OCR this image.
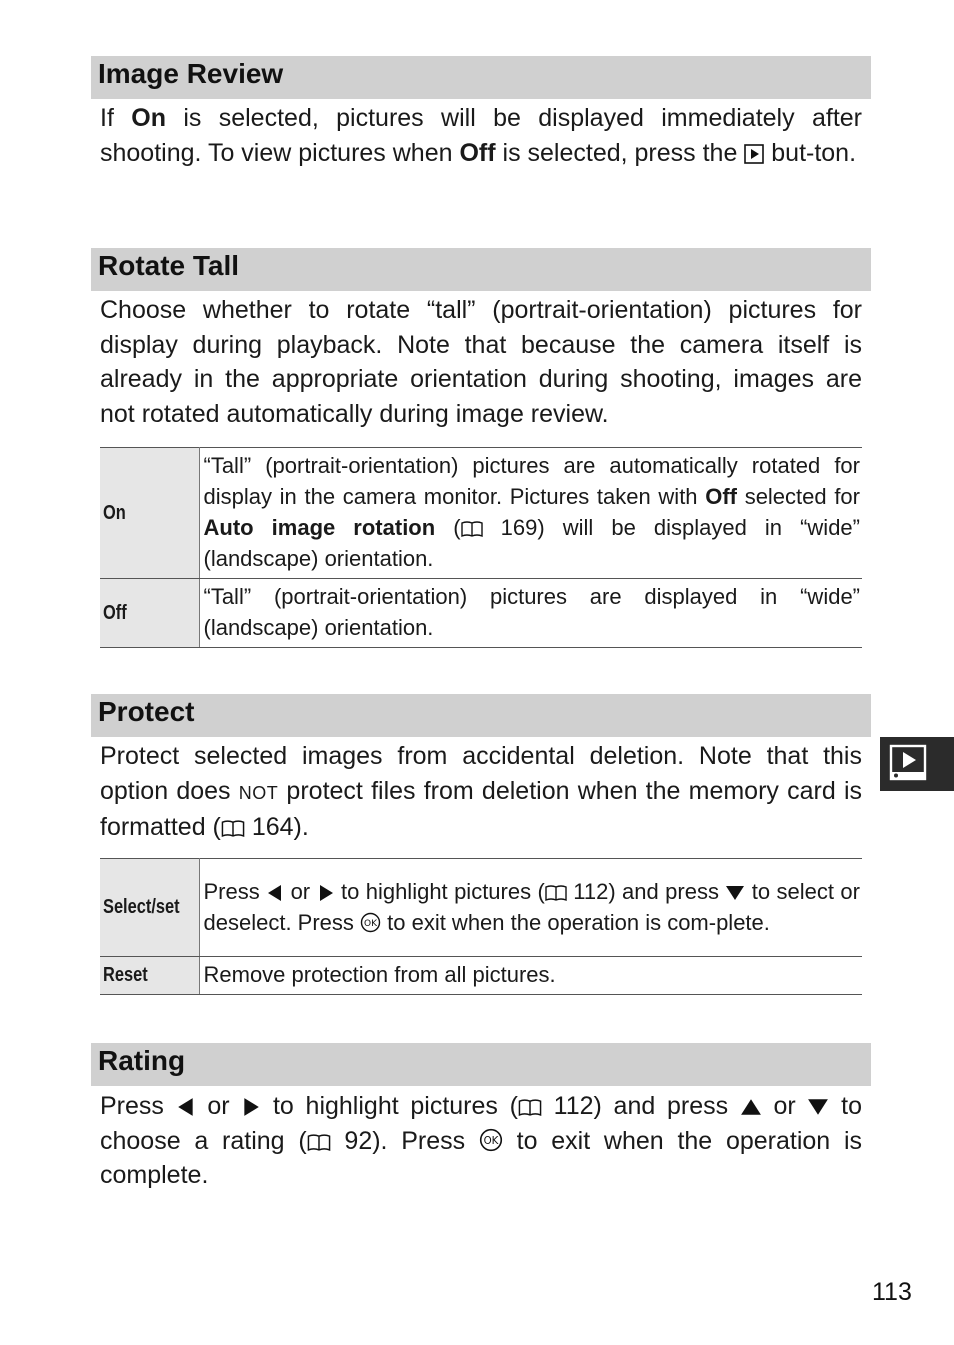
Image Review

If On is selected, pictures will be displayed immediately after shooting. To view pictures when Off is selected, press the  but-ton.

Rotate Tall

Choose whether to rotate “tall” (portrait-orientation) pictures for display during playback. Note that because the camera itself is already in the appropriate orientation during shooting, images are not rotated automatically during image review.

On	“Tall” (portrait-orientation) pictures are automatically rotated for display in the camera monitor. Pictures taken with Off selected for Auto image rotation ( 169) will be displayed in “wide” (landscape) orientation.
Off	“Tall” (portrait-orientation) pictures are displayed in “wide” (landscape) orientation.
Protect

Protect selected images from accidental deletion. Note that this option does NOT protect files from deletion when the memory card is formatted ( 164).

Select/set	Press  or  to highlight pictures ( 112) and press  to select or deselect. Press OK to exit when the operation is com-plete.
Reset	Remove protection from all pictures.
Rating

Press  or  to highlight pictures ( 112) and press  or  to choose a rating ( 92). Press OK to exit when the operation is complete.

113
